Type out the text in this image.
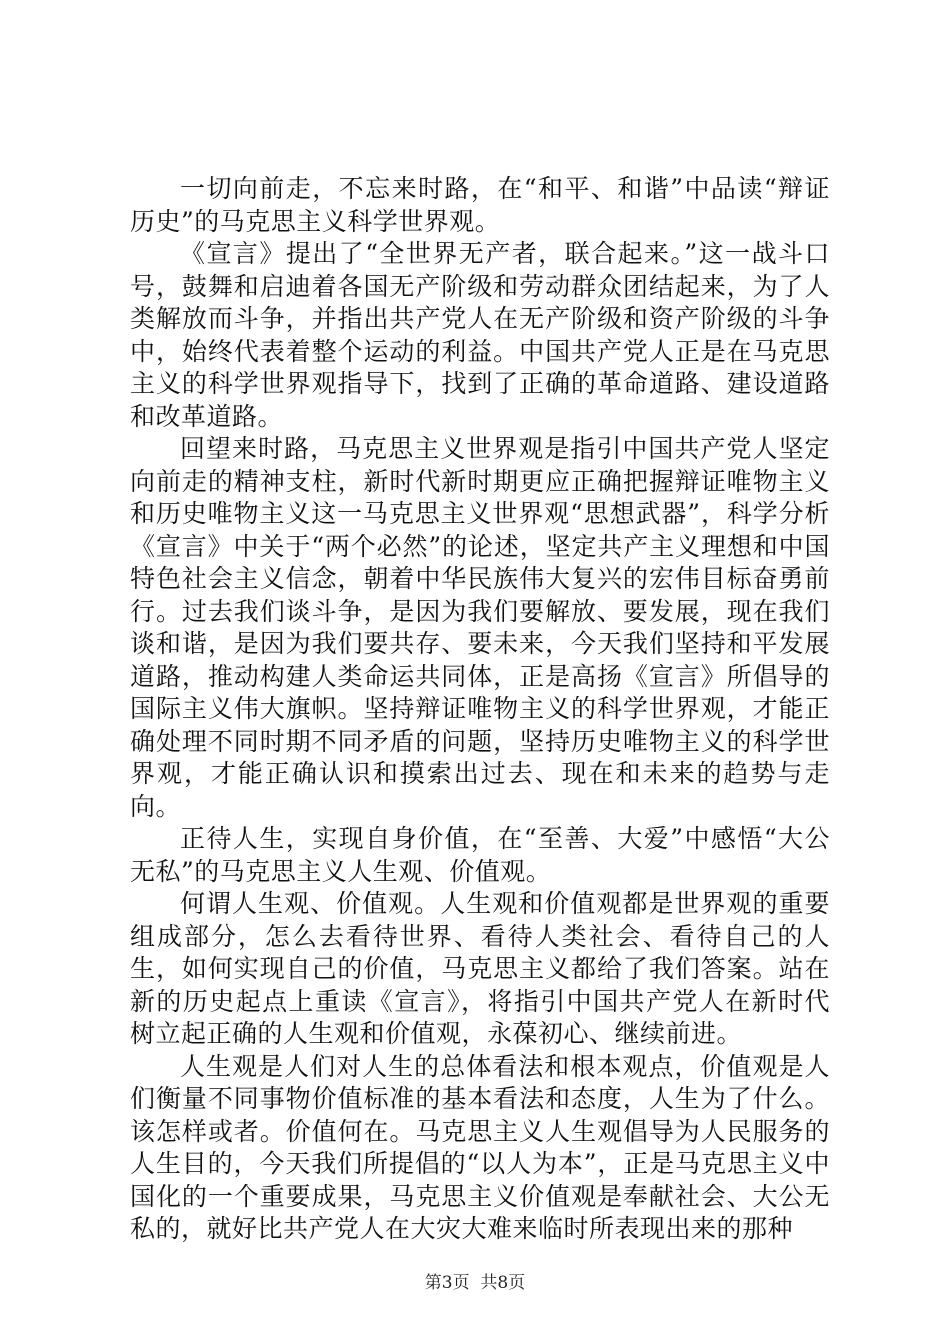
一切向前走，不忘来时路，在“和平、和谐”中品读“辩证历史”的马克思主义科学世界观。

《宣言》提出了“全世界无产者，联合起来。”这一战斗口号，鼓舞和启迪着各国无产阶级和劳动群众团结起来，为了人类解放而斗争，并指出共产党人在无产阶级和资产阶级的斗争中，始终代表着整个运动的利益。中国共产党人正是在马克思主义的科学世界观指导下，找到了正确的革命道路、建设道路和改革道路。

回望来时路，马克思主义世界观是指引中国共产党人坚定向前走的精神支柱，新时代新时期更应正确把握辩证唯物主义和历史唯物主义这一马克思主义世界观“思想武器”，科学分析《宣言》中关于“两个必然”的论述，坚定共产主义理想和中国特色社会主义信念，朝着中华民族伟大复兴的宏伟目标奋勇前行。过去我们谈斗争，是因为我们要解放、要发展，现在我们谈和谐，是因为我们要共存、要未来，今天我们坚持和平发展道路，推动构建人类命运共同体，正是高扬《宣言》所倡导的国际主义伟大旗帜。坚持辩证唯物主义的科学世界观，才能正确处理不同时期不同矛盾的问题，坚持历史唯物主义的科学世界观，才能正确认识和摸索出过去、现在和未来的趋势与走向。

正待人生，实现自身价值，在“至善、大爱”中感悟“大公无私”的马克思主义人生观、价值观。

何谓人生观、价值观。人生观和价值观都是世界观的重要组成部分，怎么去看待世界、看待人类社会、看待自己的人生，如何实现自己的价值，马克思主义都给了我们答案。站在新的历史起点上重读《宣言》，将指引中国共产党人在新时代树立起正确的人生观和价值观，永葆初心、继续前进。

人生观是人们对人生的总体看法和根本观点，价值观是人们衡量不同事物价值标准的基本看法和态度，人生为了什么。该怎样或者。价值何在。马克思主义人生观倡导为人民服务的人生目的，今天我们所提倡的“以人为本”，正是马克思主义中国化的一个重要成果，马克思主义价值观是奉献社会、大公无私的，就好比共产党人在大灾大难来临时所表现出来的那种

第3页 共8页
